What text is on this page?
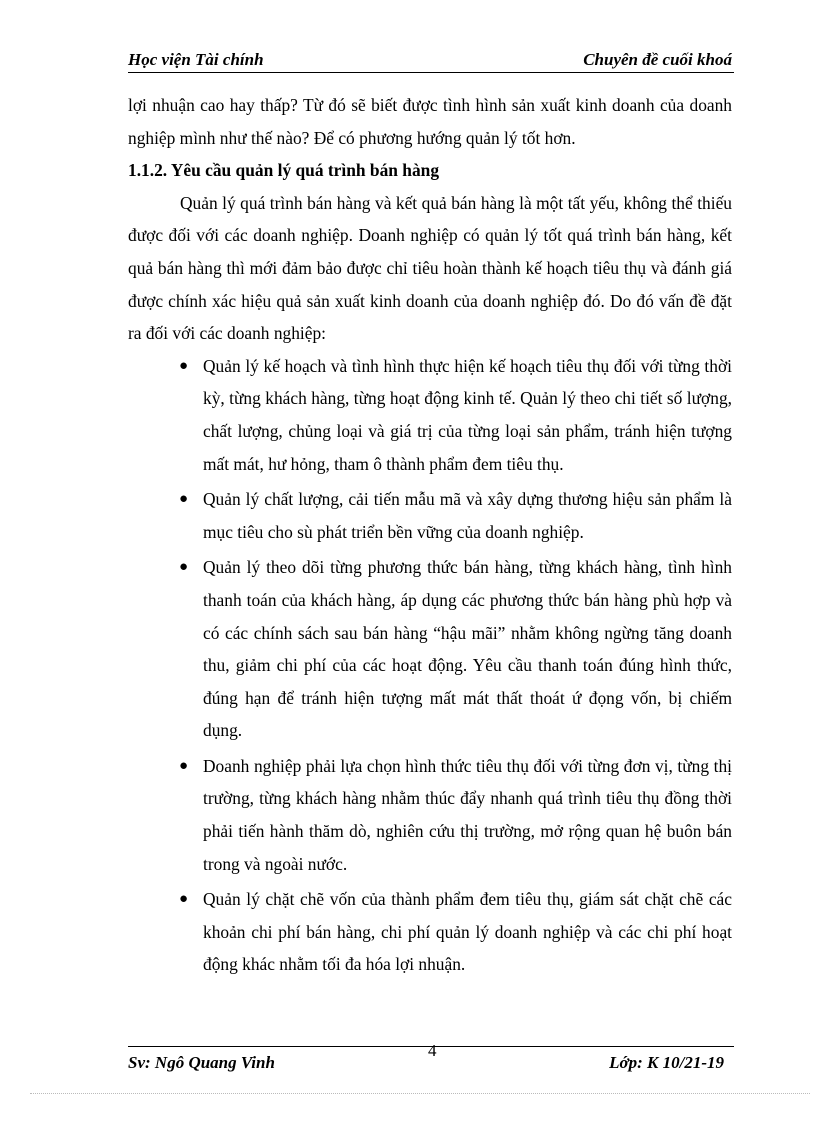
Học viện Tài chính	Chuyên đề cuối khoá

lợi nhuận cao hay thấp? Từ đó sẽ biết được tình hình sản xuất kinh doanh của doanh nghiệp mình như thế nào? Để có phương hướng quản lý tốt hơn.

1.1.2. Yêu cầu quản lý quá trình bán hàng

Quản lý quá trình bán hàng và kết quả bán hàng là một tất yếu, không thể thiếu được đối với các doanh nghiệp. Doanh nghiệp có quản lý tốt quá trình bán hàng, kết quả bán hàng thì mới đảm bảo được chỉ tiêu hoàn thành kế hoạch tiêu thụ và đánh giá được chính xác hiệu quả sản xuất kinh doanh của doanh nghiệp đó. Do đó vấn đề đặt ra đối với các doanh nghiệp:

● Quản lý kế hoạch và tình hình thực hiện kế hoạch tiêu thụ đối với từng thời kỳ, từng khách hàng, từng hoạt động kinh tế. Quản lý theo chi tiết số lượng, chất lượng, chủng loại và giá trị của từng loại sản phẩm, tránh hiện tượng mất mát, hư hỏng, tham ô thành phẩm đem tiêu thụ.
● Quản lý chất lượng, cải tiến mẫu mã và xây dựng thương hiệu sản phẩm là mục tiêu cho sù phát triển bền vững của doanh nghiệp.
● Quản lý theo dõi từng phương thức bán hàng, từng khách hàng, tình hình thanh toán của khách hàng, áp dụng các phương thức bán hàng phù hợp và có các chính sách sau bán hàng “hậu mãi” nhằm không ngừng tăng doanh thu, giảm chi phí của các hoạt động. Yêu cầu thanh toán đúng hình thức, đúng hạn để tránh hiện tượng mất mát thất thoát ứ đọng vốn, bị chiếm dụng.
● Doanh nghiệp phải lựa chọn hình thức tiêu thụ đối với từng đơn vị, từng thị trường, từng khách hàng nhằm thúc đẩy nhanh quá trình tiêu thụ đồng thời phải tiến hành thăm dò, nghiên cứu thị trường, mở rộng quan hệ buôn bán trong và ngoài nước.
● Quản lý chặt chẽ vốn của thành phẩm đem tiêu thụ, giám sát chặt chẽ các khoản chi phí bán hàng, chi phí quản lý doanh nghiệp và các chi phí hoạt động khác nhằm tối đa hóa lợi nhuận.
Sv: Ngô Quang Vinh
4
Lớp: K 10/21-19
